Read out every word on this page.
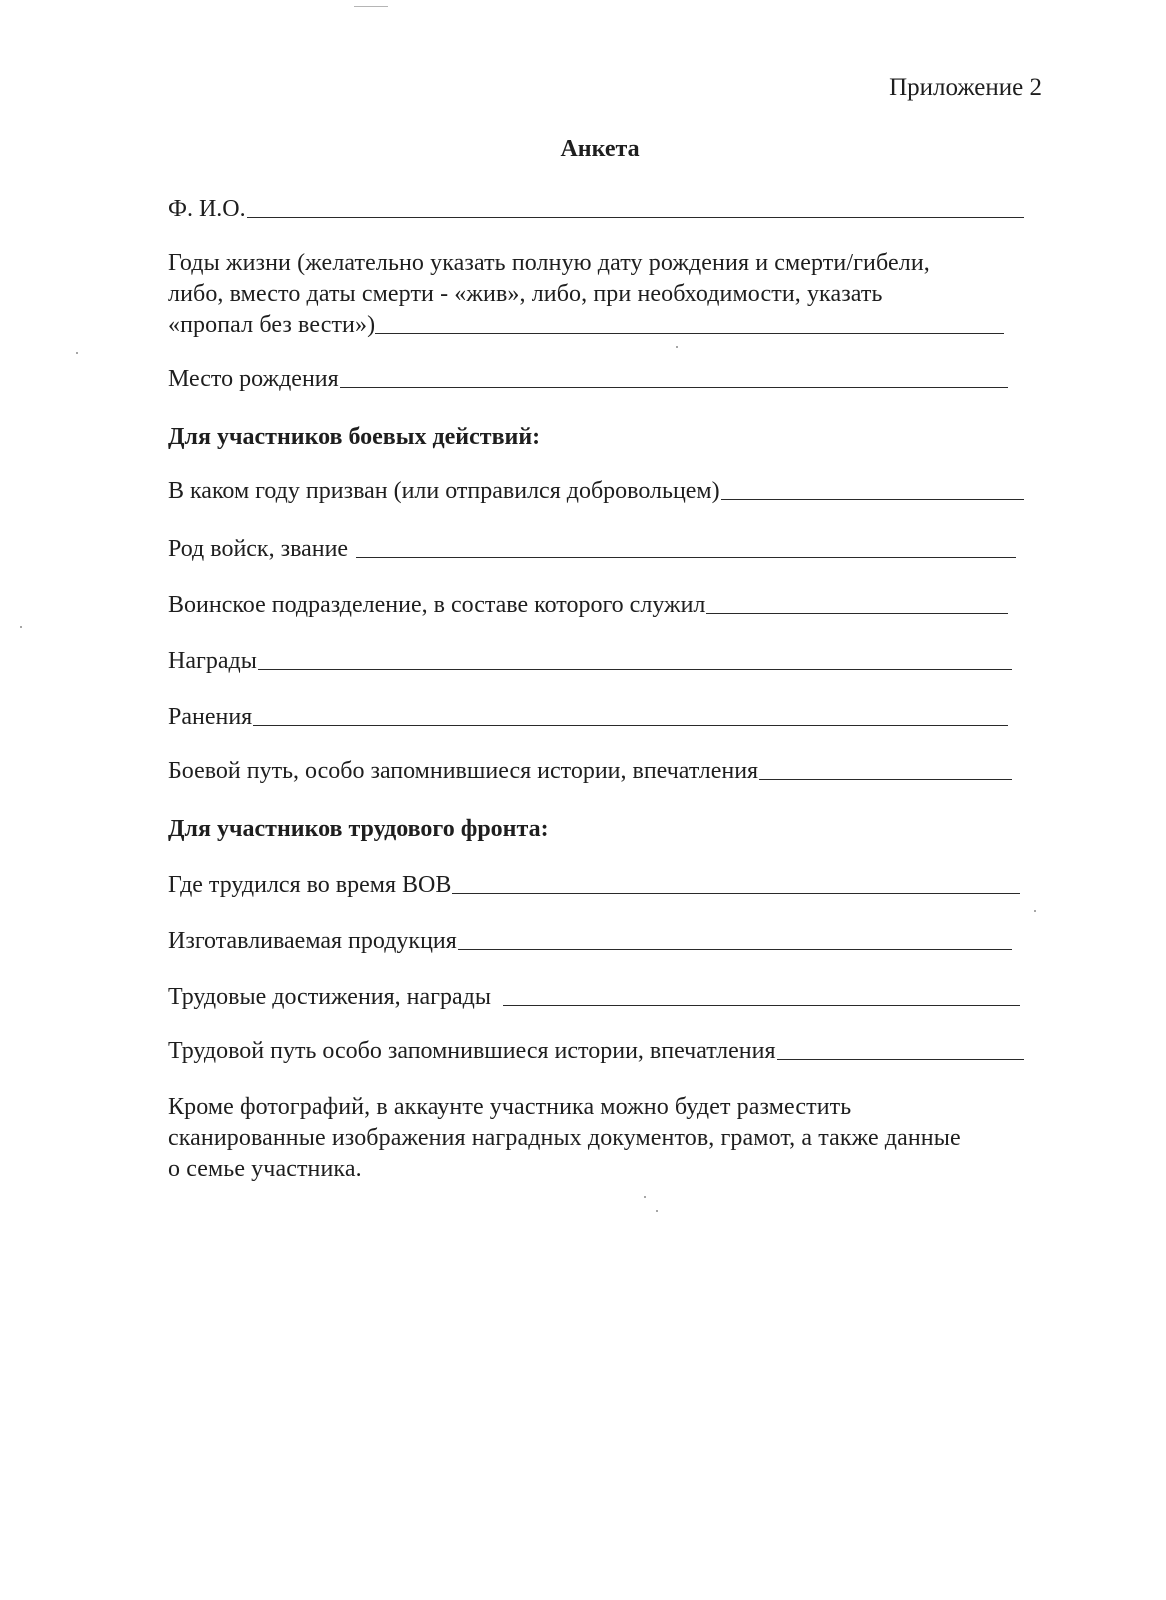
Приложение 2
Анкета
Ф. И.О.
Годы жизни (желательно указать полную дату рождения и смерти/гибели,
либо, вместо даты смерти - «жив», либо, при необходимости, указать
«пропал без вести»)
Место рождения
Для участников боевых действий:
В каком году призван (или отправился добровольцем)
Род войск, звание
Воинское подразделение, в составе которого служил
Награды
Ранения
Боевой путь, особо запомнившиеся истории, впечатления
Для участников трудового фронта:
Где трудился во время ВОВ
Изготавливаемая продукция
Трудовые достижения, награды
Трудовой путь особо запомнившиеся истории, впечатления
Кроме фотографий, в аккаунте участника можно будет разместить
сканированные изображения наградных документов, грамот, а также данные
о семье участника.
